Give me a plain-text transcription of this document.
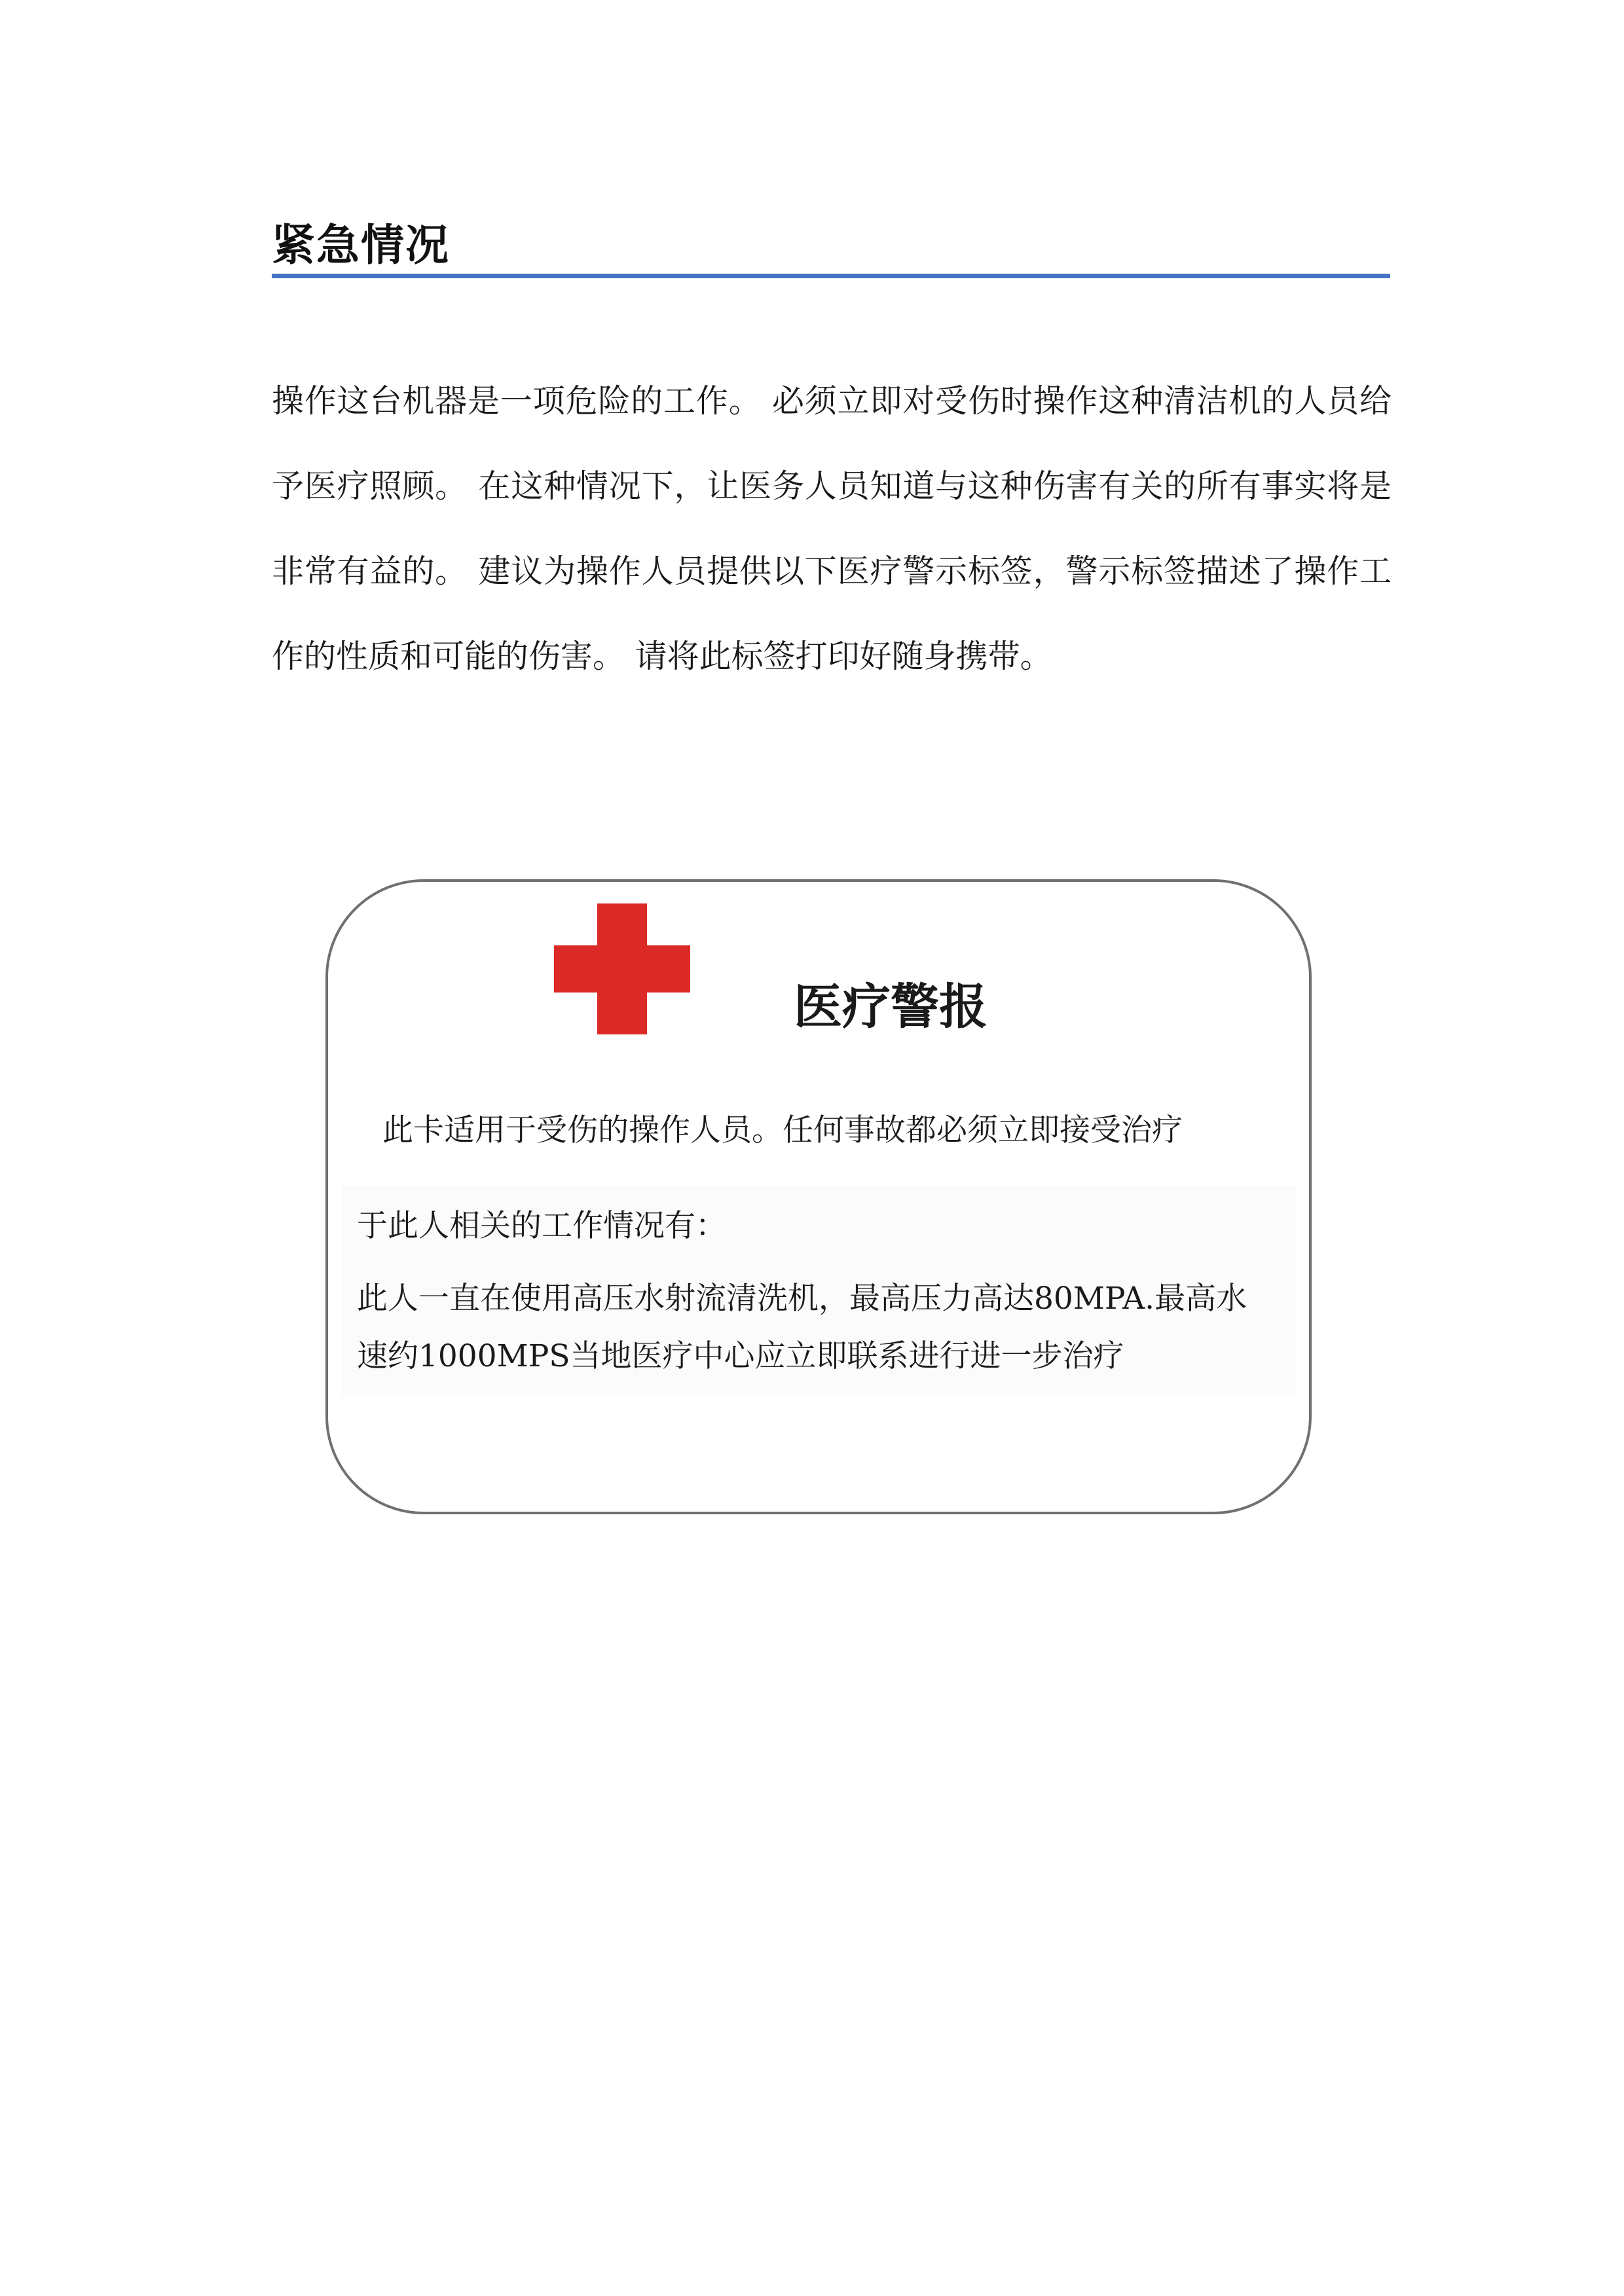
紧急情况

操作这台机器是一项危险的工作。 必须立即对受伤时操作这种清洁机的人员给予医疗照顾。 在这种情况下，让医务人员知道与这种伤害有关的所有事实将是非常有益的。 建议为操作人员提供以下医疗警示标签，警示标签描述了操作工作的性质和可能的伤害。 请将此标签打印好随身携带。

医疗警报
此卡适用于受伤的操作人员。任何事故都必须立即接受治疗
于此人相关的工作情况有：

此人一直在使用高压水射流清洗机，最高压力高达80MPA.最高水速约1000MPS当地医疗中心应立即联系进行进一步治疗
